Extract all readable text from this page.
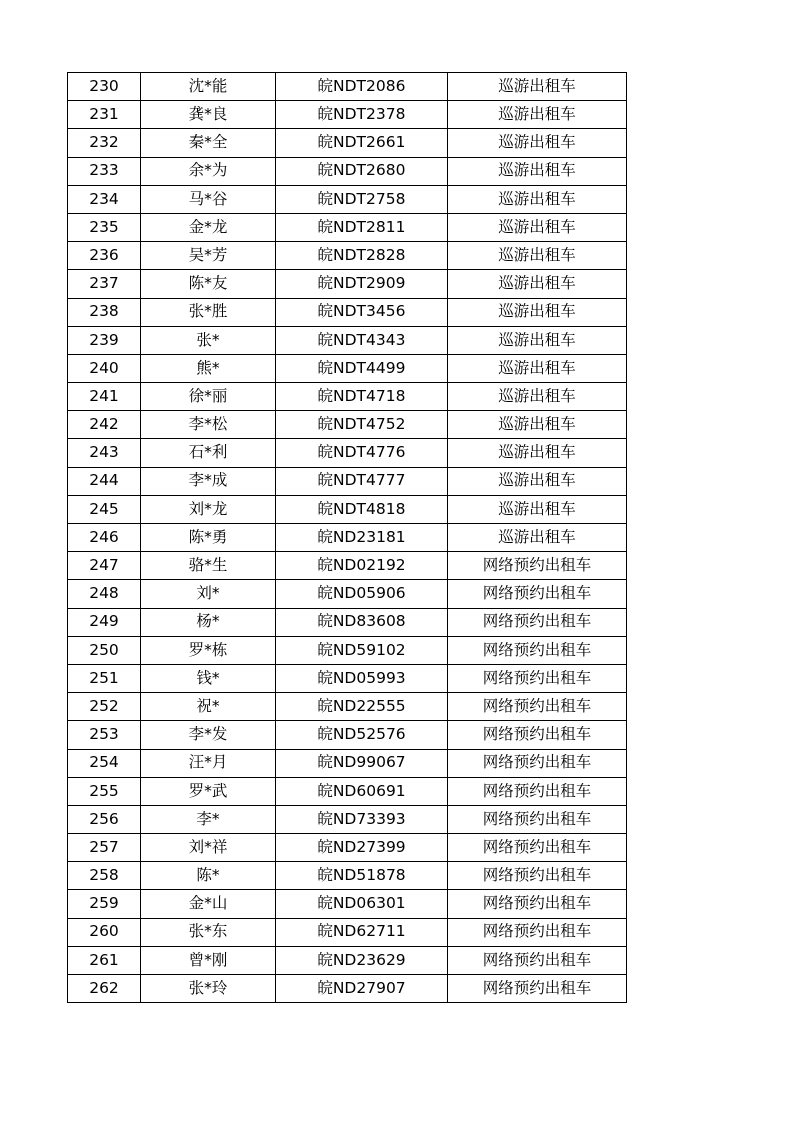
230	沈*能	皖NDT2086	巡游出租车
231	龚*良	皖NDT2378	巡游出租车
232	秦*全	皖NDT2661	巡游出租车
233	余*为	皖NDT2680	巡游出租车
234	马*谷	皖NDT2758	巡游出租车
235	金*龙	皖NDT2811	巡游出租车
236	吴*芳	皖NDT2828	巡游出租车
237	陈*友	皖NDT2909	巡游出租车
238	张*胜	皖NDT3456	巡游出租车
239	张*	皖NDT4343	巡游出租车
240	熊*	皖NDT4499	巡游出租车
241	徐*丽	皖NDT4718	巡游出租车
242	李*松	皖NDT4752	巡游出租车
243	石*利	皖NDT4776	巡游出租车
244	李*成	皖NDT4777	巡游出租车
245	刘*龙	皖NDT4818	巡游出租车
246	陈*勇	皖ND23181	巡游出租车
247	骆*生	皖ND02192	网络预约出租车
248	刘*	皖ND05906	网络预约出租车
249	杨*	皖ND83608	网络预约出租车
250	罗*栋	皖ND59102	网络预约出租车
251	钱*	皖ND05993	网络预约出租车
252	祝*	皖ND22555	网络预约出租车
253	李*发	皖ND52576	网络预约出租车
254	汪*月	皖ND99067	网络预约出租车
255	罗*武	皖ND60691	网络预约出租车
256	李*	皖ND73393	网络预约出租车
257	刘*祥	皖ND27399	网络预约出租车
258	陈*	皖ND51878	网络预约出租车
259	金*山	皖ND06301	网络预约出租车
260	张*东	皖ND62711	网络预约出租车
261	曾*刚	皖ND23629	网络预约出租车
262	张*玲	皖ND27907	网络预约出租车
